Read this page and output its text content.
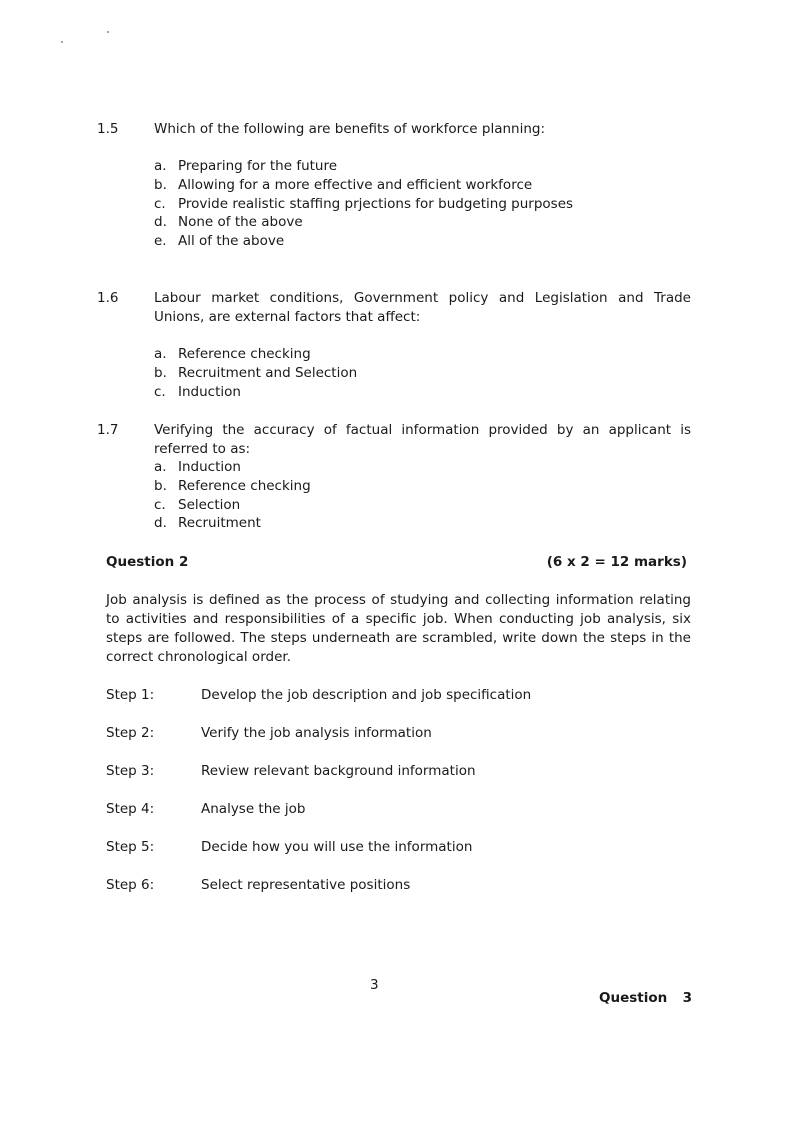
1.5	Which of the following are benefits of workforce planning:
a. Preparing for the future
b. Allowing for a more effective and efficient workforce
c. Provide realistic staffing prjections for budgeting purposes
d. None of the above
e. All of the above
1.6	Labour market conditions, Government policy and Legislation and Trade Unions, are external factors that affect:
a. Reference checking
b. Recruitment and Selection
c. Induction
1.7	Verifying the accuracy of factual information provided by an applicant is referred to as:
a. Induction
b. Reference checking
c. Selection
d. Recruitment
Question 2	(6 x 2 = 12 marks)
Job analysis is defined as the process of studying and collecting information relating to activities and responsibilities of a specific job. When conducting job analysis, six steps are followed. The steps underneath are scrambled, write down the steps in the correct chronological order.
Step 1:	Develop the job description and job specification
Step 2:	Verify the job analysis information
Step 3:	Review relevant background information
Step 4:	Analyse the job
Step 5:	Decide how you will use the information
Step 6:	Select representative positions
3
Question 3
